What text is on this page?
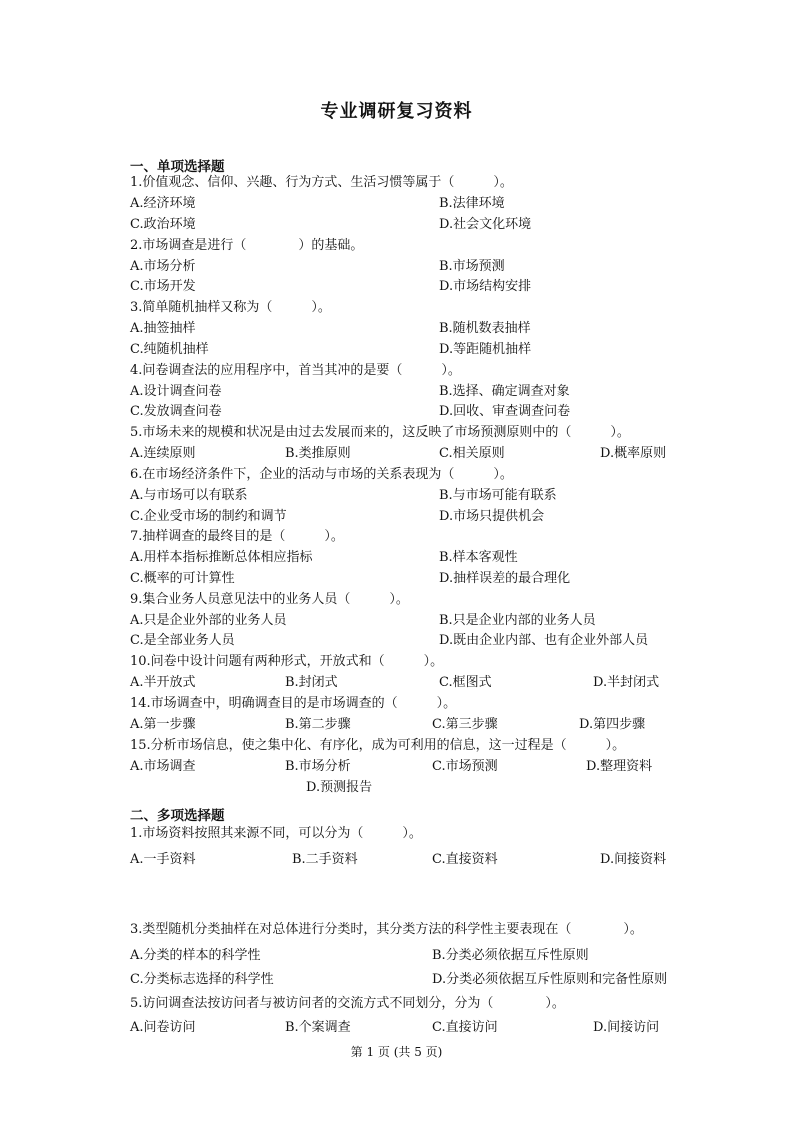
专业调研复习资料
一、单项选择题
1.价值观念、信仰、兴趣、行为方式、生活习惯等属于（　　　）。
A.经济环境	B.法律环境
C.政治环境	D.社会文化环境
2.市场调查是进行（　　　　）的基础。
A.市场分析	B.市场预测
C.市场开发	D.市场结构安排
3.简单随机抽样又称为（　　　）。
A.抽签抽样	B.随机数表抽样
C.纯随机抽样	D.等距随机抽样
4.问卷调查法的应用程序中，首当其冲的是要（　　　）。
A.设计调查问卷	B.选择、确定调查对象
C.发放调查问卷	D.回收、审查调查问卷
5.市场未来的规模和状况是由过去发展而来的，这反映了市场预测原则中的（　　　）。
A.连续原则	B.类推原则	C.相关原则	D.概率原则
6.在市场经济条件下，企业的活动与市场的关系表现为（　　　）。
A.与市场可以有联系	B.与市场可能有联系
C.企业受市场的制约和调节	D.市场只提供机会
7.抽样调查的最终目的是（　　　）。
A.用样本指标推断总体相应指标	B.样本客观性
C.概率的可计算性	D.抽样误差的最合理化
9.集合业务人员意见法中的业务人员（　　　）。
A.只是企业外部的业务人员	B.只是企业内部的业务人员
C.是全部业务人员	D.既由企业内部、也有企业外部人员
10.问卷中设计问题有两种形式，开放式和（　　　）。
A.半开放式	B.封闭式	C.框图式	D.半封闭式
14.市场调查中，明确调查目的是市场调查的（　　　）。
A.第一步骤	B.第二步骤	C.第三步骤	D.第四步骤
15.分析市场信息，使之集中化、有序化，成为可利用的信息，这一过程是（　　　）。
A.市场调查	B.市场分析	C.市场预测	D.整理资料
D.预测报告
二、多项选择题
1.市场资料按照其来源不同，可以分为（　　　）。
A.一手资料	B.二手资料	C.直接资料	D.间接资料
3.类型随机分类抽样在对总体进行分类时，其分类方法的科学性主要表现在（　　　　）。
A.分类的样本的科学性	B.分类必须依据互斥性原则
C.分类标志选择的科学性	D.分类必须依据互斥性原则和完备性原则
5.访问调查法按访问者与被访问者的交流方式不同划分，分为（　　　　）。
A.问卷访问	B.个案调查	C.直接访问	D.间接访问
第 1 页 (共 5 页)
